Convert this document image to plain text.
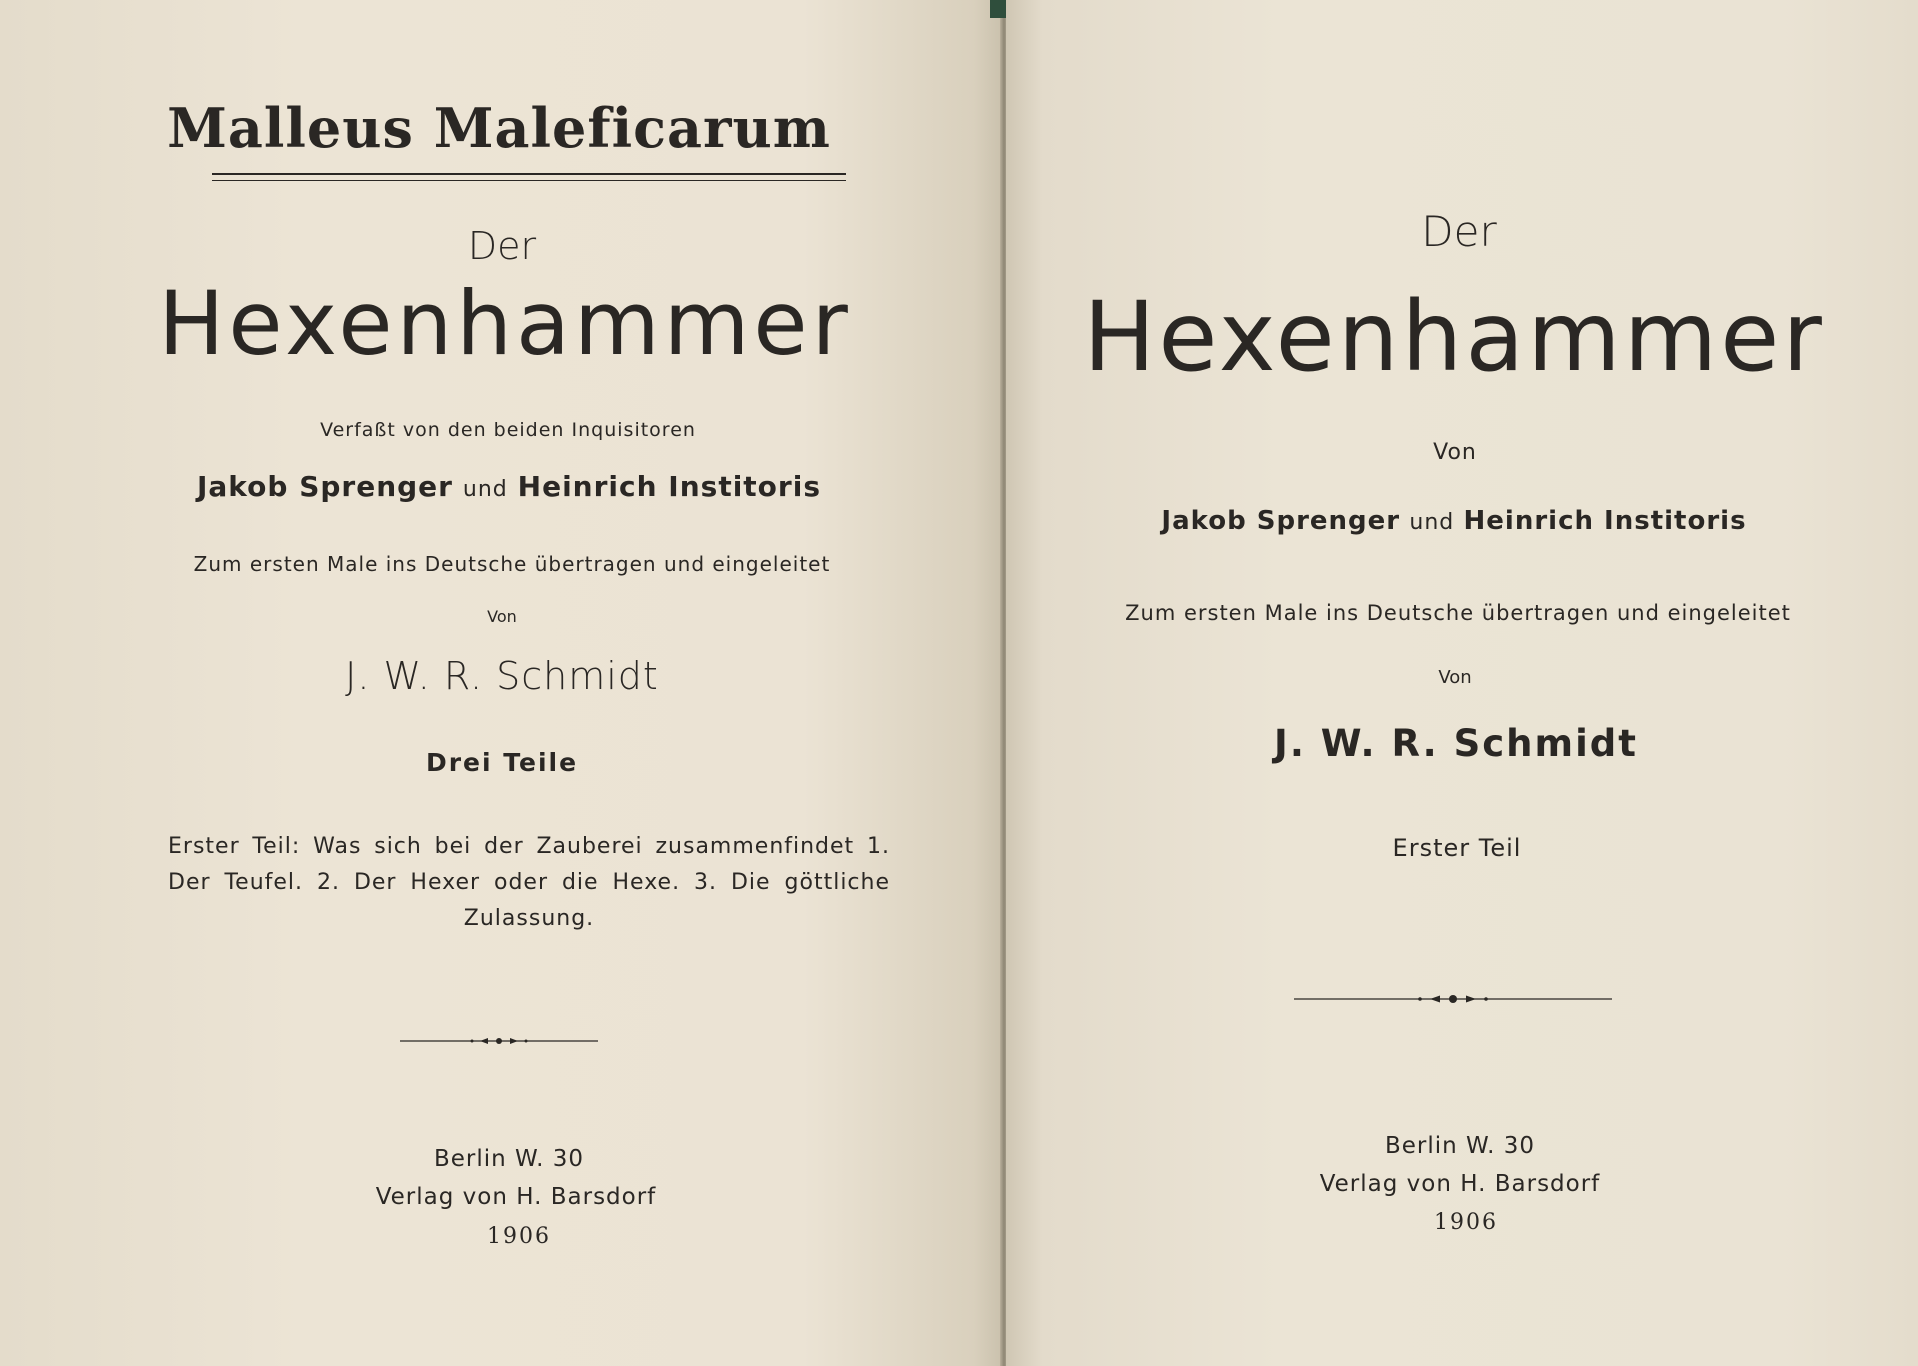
Malleus Maleficarum
Der
Hexenhammer
Verfaßt von den beiden Inquisitoren
Jakob Sprenger und Heinrich Institoris
Zum ersten Male ins Deutsche übertragen und eingeleitet
Von
J. W. R. Schmidt
Drei Teile
Erster Teil: Was sich bei der Zauberei zusammenfindet 1. Der Teufel. 2. Der Hexer oder die Hexe. 3. Die göttliche Zulassung.
Berlin W. 30
Verlag von H. Barsdorf
1906
Der
Hexenhammer
Von
Jakob Sprenger und Heinrich Institoris
Zum ersten Male ins Deutsche übertragen und eingeleitet
Von
J. W. R. Schmidt
Erster Teil
Berlin W. 30
Verlag von H. Barsdorf
1906
